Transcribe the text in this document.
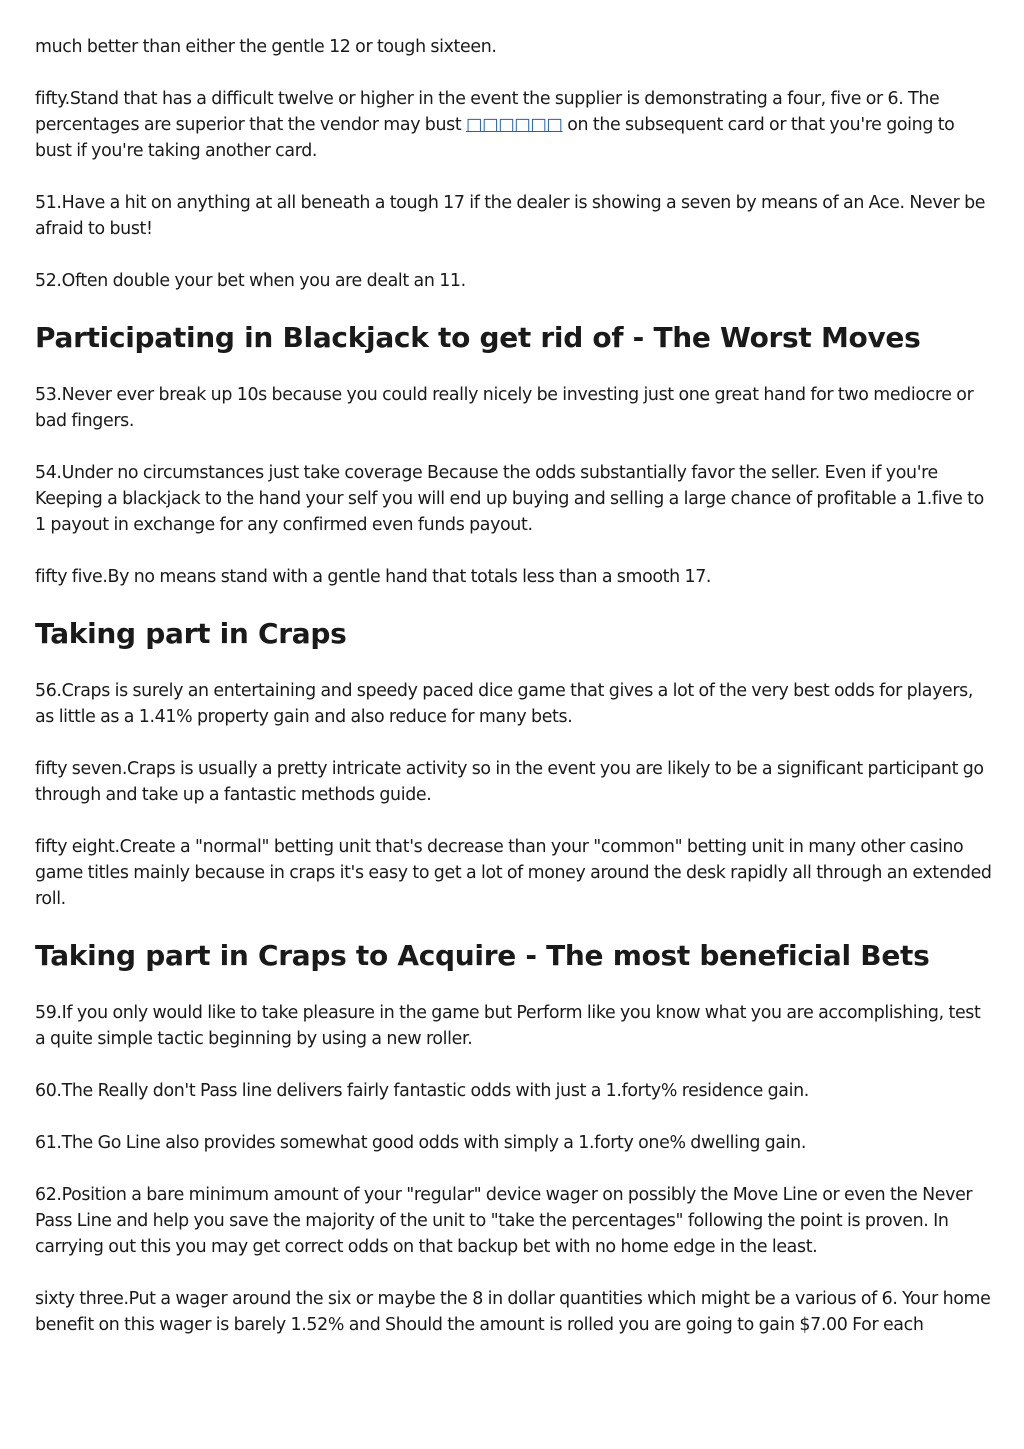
much better than either the gentle 12 or tough sixteen.

fifty.Stand that has a difficult twelve or higher in the event the supplier is demonstrating a four, five or 6. The percentages are superior that the vendor may bust □□□□□□ on the subsequent card or that you're going to bust if you're taking another card.

51.Have a hit on anything at all beneath a tough 17 if the dealer is showing a seven by means of an Ace. Never be afraid to bust!

52.Often double your bet when you are dealt an 11.

Participating in Blackjack to get rid of - The Worst Moves

53.Never ever break up 10s because you could really nicely be investing just one great hand for two mediocre or bad fingers.

54.Under no circumstances just take coverage Because the odds substantially favor the seller. Even if you're Keeping a blackjack to the hand your self you will end up buying and selling a large chance of profitable a 1.five to 1 payout in exchange for any confirmed even funds payout.

fifty five.By no means stand with a gentle hand that totals less than a smooth 17.

Taking part in Craps

56.Craps is surely an entertaining and speedy paced dice game that gives a lot of the very best odds for players, as little as a 1.41% property gain and also reduce for many bets.

fifty seven.Craps is usually a pretty intricate activity so in the event you are likely to be a significant participant go through and take up a fantastic methods guide.

fifty eight.Create a "normal" betting unit that's decrease than your "common" betting unit in many other casino game titles mainly because in craps it's easy to get a lot of money around the desk rapidly all through an extended roll.

Taking part in Craps to Acquire - The most beneficial Bets

59.If you only would like to take pleasure in the game but Perform like you know what you are accomplishing, test a quite simple tactic beginning by using a new roller.

60.The Really don't Pass line delivers fairly fantastic odds with just a 1.forty% residence gain.

61.The Go Line also provides somewhat good odds with simply a 1.forty one% dwelling gain.

62.Position a bare minimum amount of your "regular" device wager on possibly the Move Line or even the Never Pass Line and help you save the majority of the unit to "take the percentages" following the point is proven. In carrying out this you may get correct odds on that backup bet with no home edge in the least.

sixty three.Put a wager around the six or maybe the 8 in dollar quantities which might be a various of 6. Your home benefit on this wager is barely 1.52% and Should the amount is rolled you are going to gain $7.00 For each
